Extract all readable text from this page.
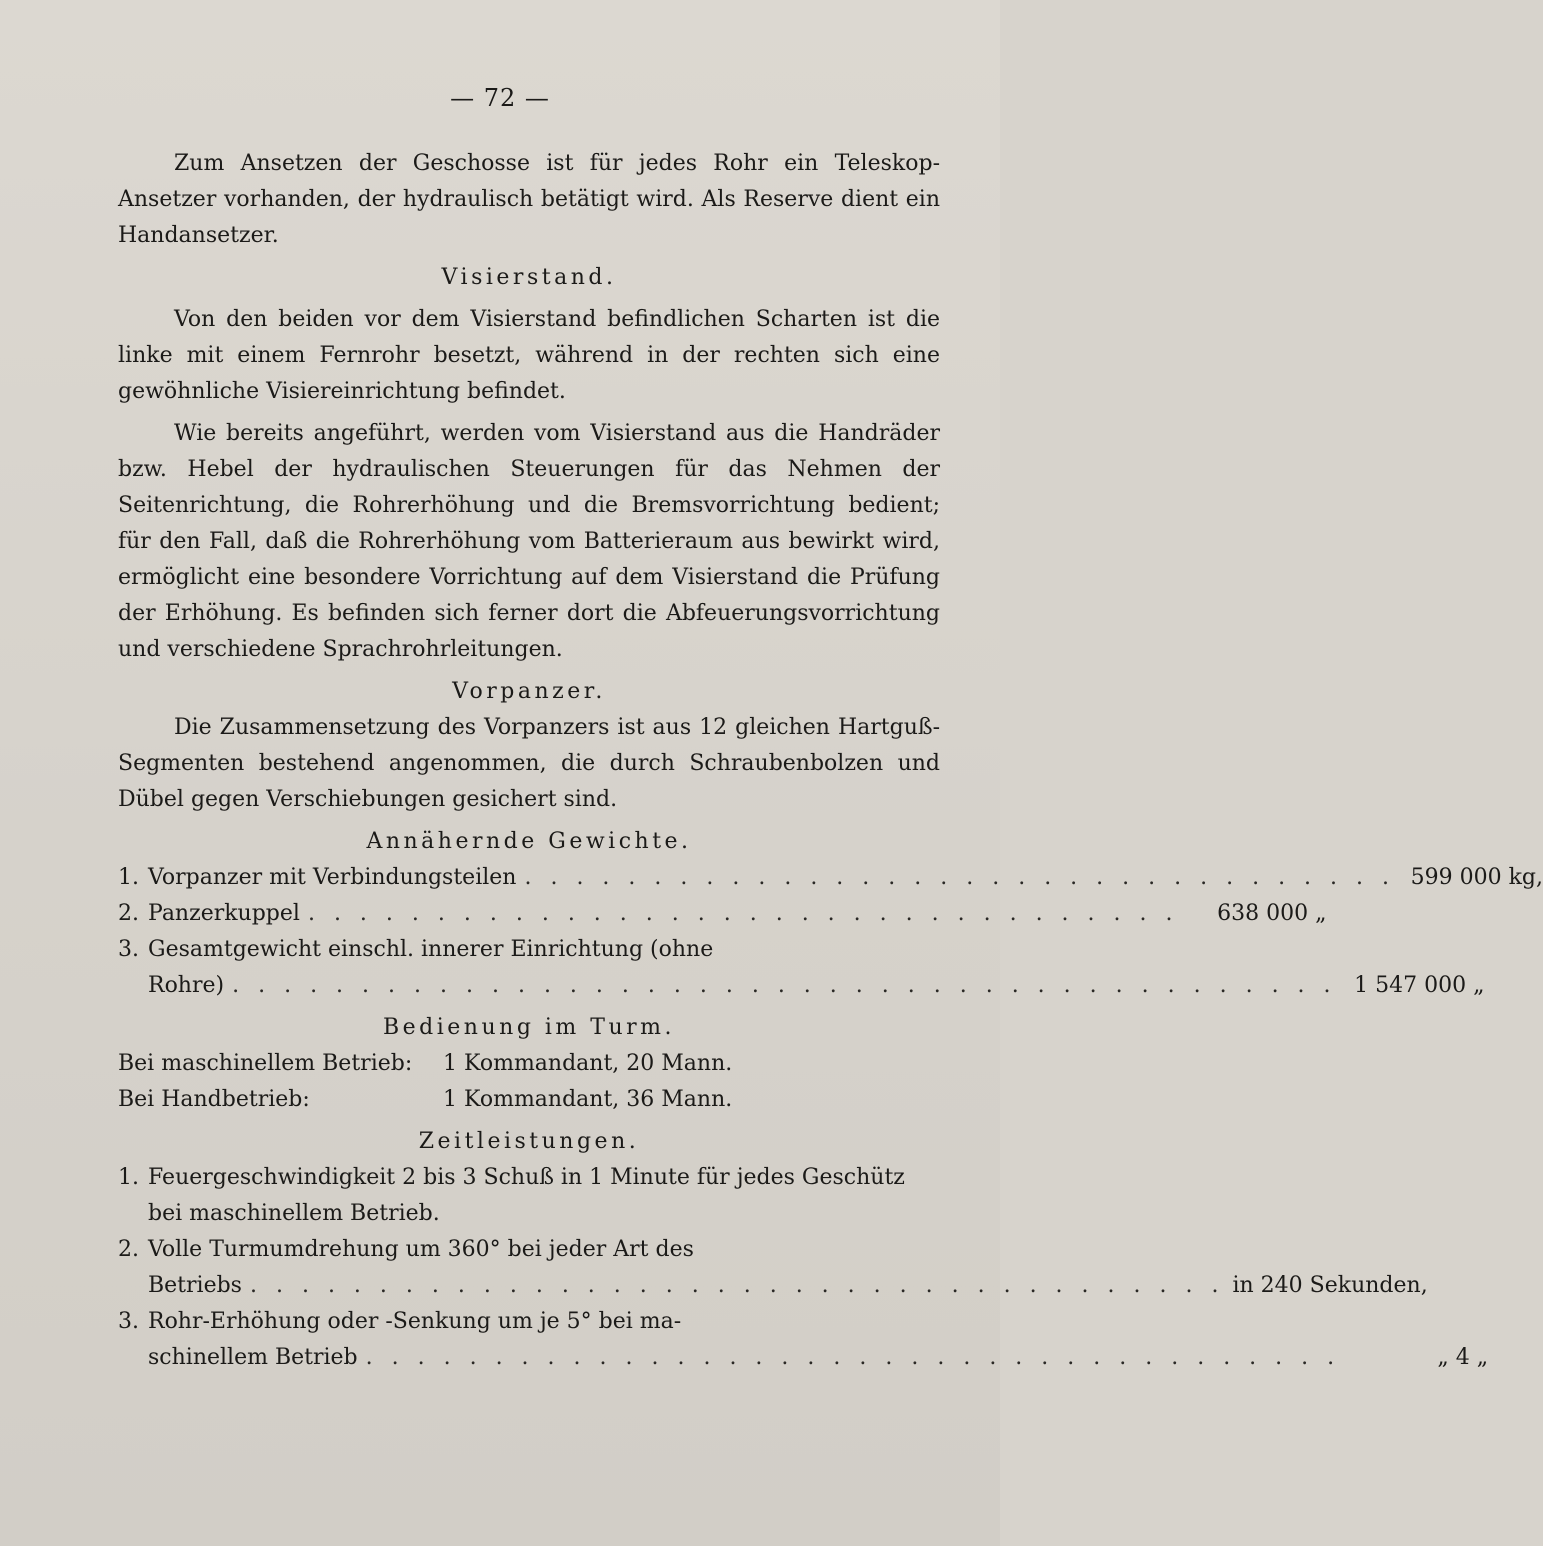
— 72 —

Zum Ansetzen der Geschosse ist für jedes Rohr ein Teleskop-Ansetzer vorhanden, der hydraulisch betätigt wird. Als Reserve dient ein Handansetzer.

Visierstand.

Von den beiden vor dem Visierstand befindlichen Scharten ist die linke mit einem Fernrohr besetzt, während in der rechten sich eine gewöhnliche Visiereinrichtung befindet.

Wie bereits angeführt, werden vom Visierstand aus die Handräder bzw. Hebel der hydraulischen Steuerungen für das Nehmen der Seitenrichtung, die Rohrerhöhung und die Bremsvorrichtung bedient; für den Fall, daß die Rohrerhöhung vom Batterieraum aus bewirkt wird, ermöglicht eine besondere Vorrichtung auf dem Visierstand die Prüfung der Erhöhung. Es befinden sich ferner dort die Abfeuerungsvorrichtung und verschiedene Sprachrohrleitungen.

Vorpanzer.

Die Zusammensetzung des Vorpanzers ist aus 12 gleichen Hartguß-Segmenten bestehend angenommen, die durch Schraubenbolzen und Dübel gegen Verschiebungen gesichert sind.

Annähernde Gewichte.
1. Vorpanzer mit Verbindungsteilen . . . . . . . . . . . . . . . . . . . . . . . . . . . . . . . . . . 599 000 kg,
2. Panzerkuppel . . . . . . . . . . . . . . . . . . . . . . . . . . . . . . . . . .	638 000 „
3. Gesamtgewicht einschl. innerer Einrichtung (ohne
Rohre) . . . . . . . . . . . . . . . . . . . . . . . . . . . . . . . . . . . . . . . . . . . 1 547 000 „
Bedienung im Turm.
Bei maschinellem Betrieb:	1 Kommandant, 20 Mann.
Bei Handbetrieb:	1 Kommandant, 36 Mann.
Zeitleistungen.
1. Feuergeschwindigkeit 2 bis 3 Schuß in 1 Minute für jedes Geschütz bei maschinellem Betrieb.
2. Volle Turmumdrehung um 360° bei jeder Art des
Betriebs . . . . . . . . . . . . . . . . . . . . . . . . . . . . . . . . . . . . . . in 240 Sekunden,
3. Rohr-Erhöhung oder -Senkung um je 5° bei ma-
schinellem Betrieb . . . . . . . . . . . . . . . . . . . . . . . . . . . . . . . . . . . . . .	„ 4 „
